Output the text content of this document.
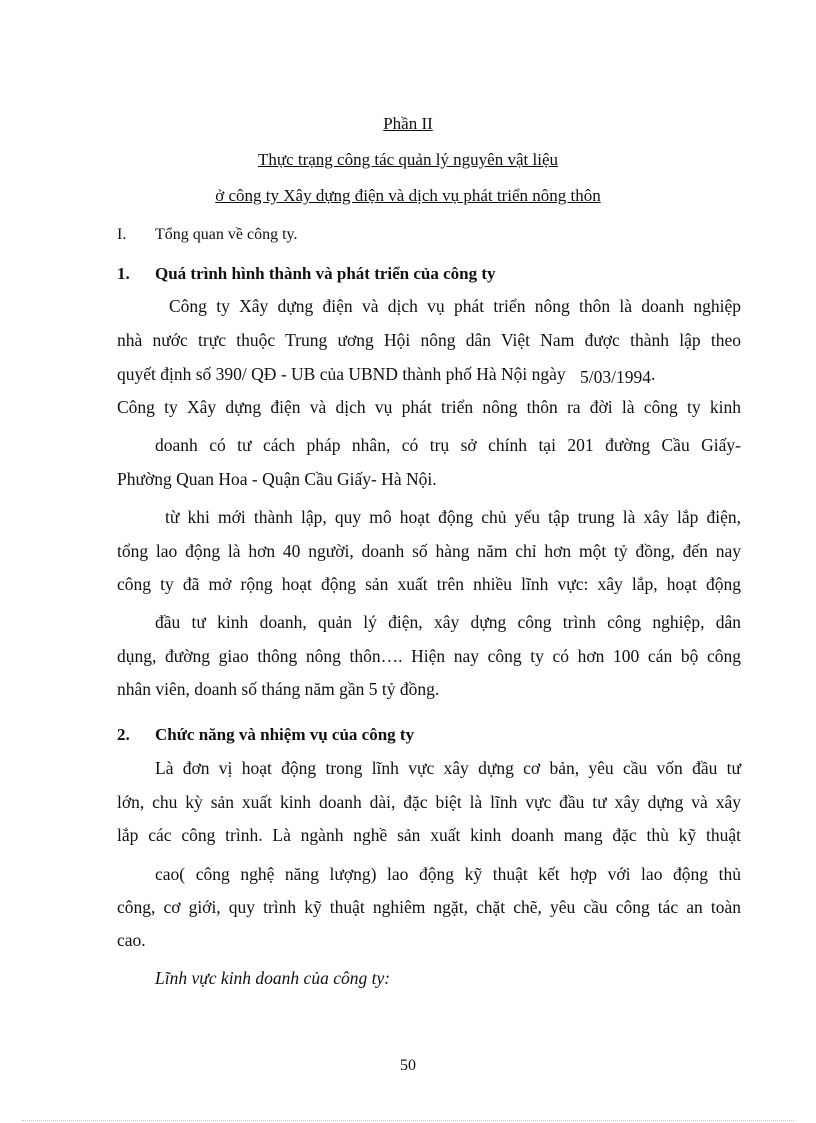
Phần II
Thực trạng công tác quản lý nguyên vật liệu
ở công ty Xây dựng điện và dịch vụ phát triển nông thôn
I. Tổng quan về công ty.
1. Quá trình hình thành và phát triển của công ty
Công ty Xây dựng điện và dịch vụ phát triển nông thôn là doanh nghiệp
nhà nước trực thuộc Trung ương Hội nông dân Việt Nam được thành lập theo
quyết định số 390/ QĐ - UB của UBND thành phố Hà Nội ngày 5/03/1994.
Công ty Xây dựng điện và dịch vụ phát triển nông thôn ra đời là công ty kinh
doanh có tư cách pháp nhân, có trụ sở chính tại 201 đường Cầu Giấy-
Phường Quan Hoa - Quận Cầu Giấy- Hà Nội.
từ khi mới thành lập, quy mô hoạt động chủ yếu tập trung là xây lắp điện,
tổng lao động là hơn 40 người, doanh số hàng năm chỉ hơn một tỷ đồng, đến nay
công ty đã mở rộng hoạt động sản xuất trên nhiều lĩnh vực: xây lắp, hoạt động
đầu tư kinh doanh, quản lý điện, xây dựng công trình công nghiệp, dân
dụng, đường giao thông nông thôn…. Hiện nay công ty có hơn 100 cán bộ công
nhân viên, doanh số tháng năm gần 5 tỷ đồng.
2. Chức năng và nhiệm vụ của công ty
Là đơn vị hoạt động trong lĩnh vực xây dựng cơ bản, yêu cầu vốn đầu tư
lớn, chu kỳ sản xuất kinh doanh dài, đặc biệt là lĩnh vực đầu tư xây dựng và xây
lắp các công trình. Là ngành nghề sản xuất kinh doanh mang đặc thù kỹ thuật
cao( công nghệ năng lượng) lao động kỹ thuật kết hợp với lao động thủ
công, cơ giới, quy trình kỹ thuật nghiêm ngặt, chặt chẽ, yêu cầu công tác an toàn
cao.
Lĩnh vực kinh doanh của công ty:
50
